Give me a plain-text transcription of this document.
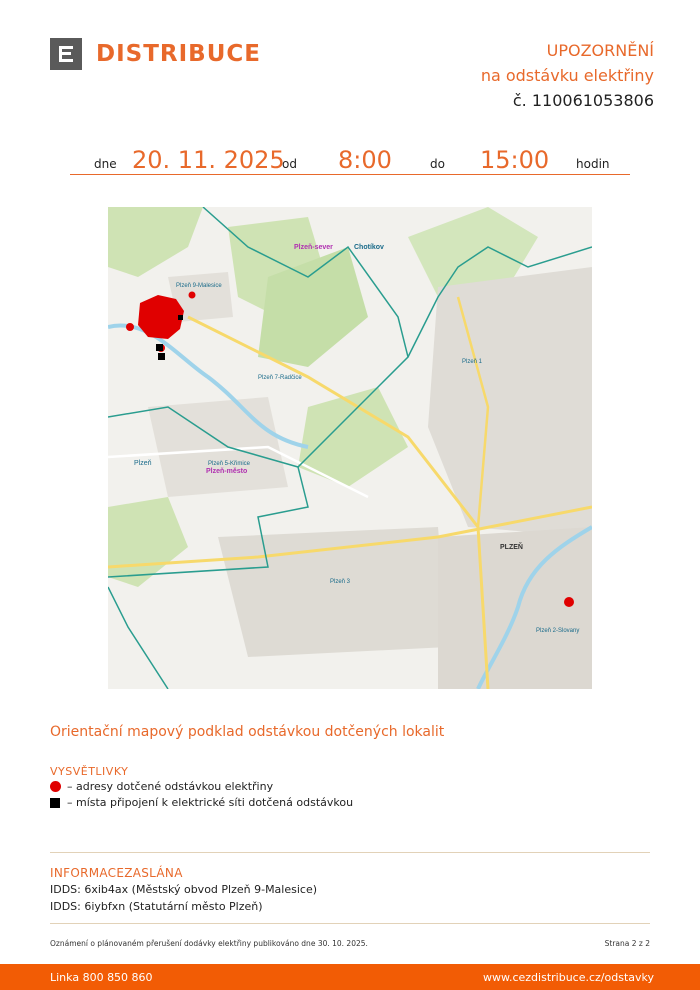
DISTRIBUCE	UPOZORNĚNÍ
na odstávku elektřiny
č. 110061053806
dne 20. 11. 2025
od 8:00	do 15:00 hodin
Plzeň-sever	Chotíkov
Plzeň 9-Malesice
Plzeň 7-Radčice
Plzeň 1
Plzeň 5-Křimice
Plzeň-město
Plzeň
PLZEŇ
Plzeň 3
Plzeň 2-Slovany
Orientační mapový podklad odstávkou dotčených lokalit
VYSVĚTLIVKY
– adresy dotčené odstávkou elektřiny
– místa připojení k elektrické síti dotčená odstávkou
INFORMACEZASLÁNA
IDDS: 6xib4ax (Městský obvod Plzeň 9-Malesice)
IDDS: 6iybfxn (Statutární město Plzeň)
Oznámení o plánovaném přerušení dodávky elektřiny publikováno dne 30. 10. 2025.	Strana 2 z 2
Linka 800 850 860	www.cezdistribuce.cz/odstavky
